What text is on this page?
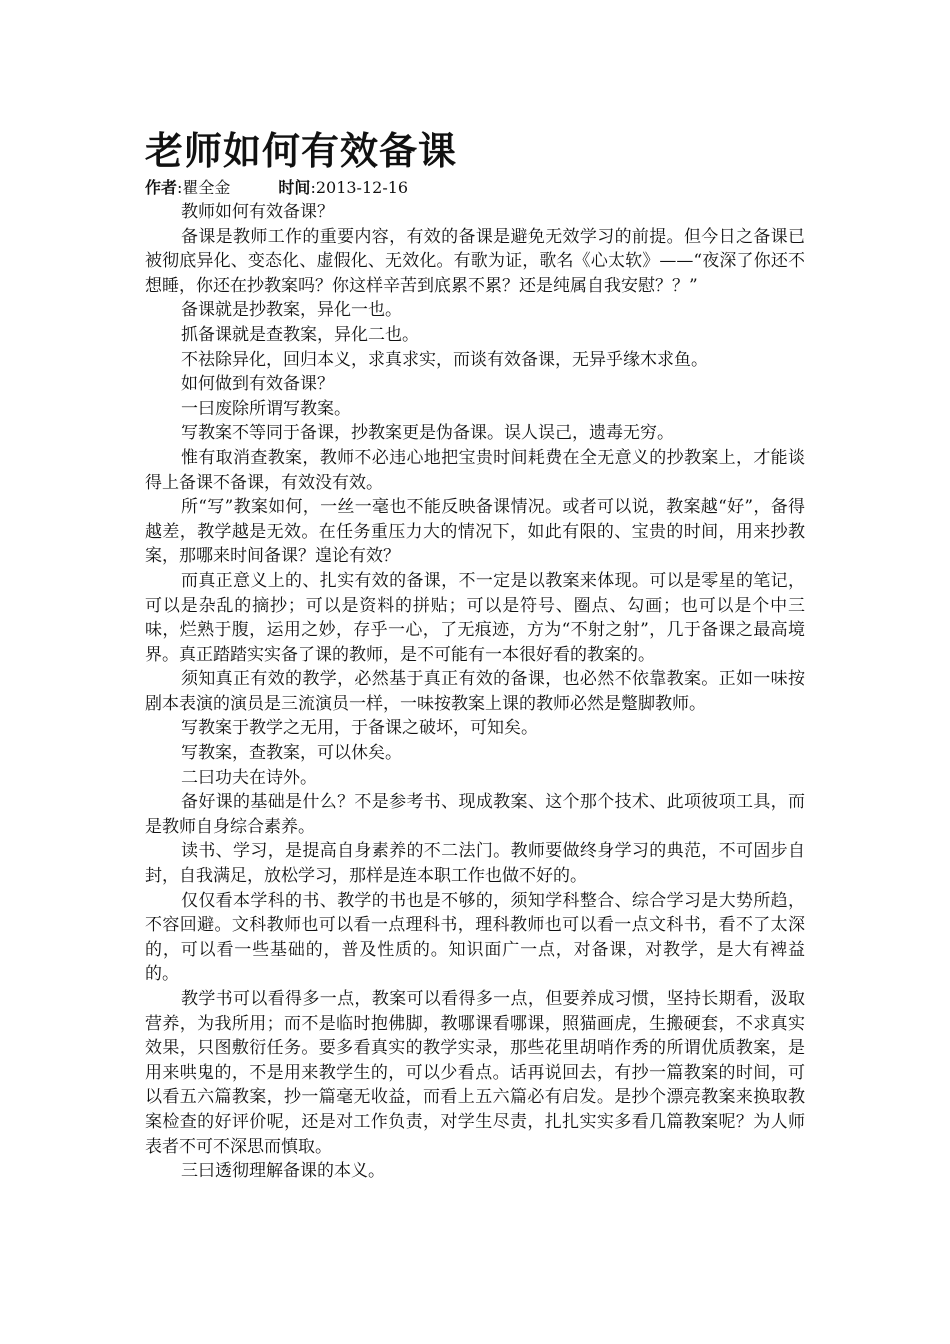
老师如何有效备课
作者:瞿全金	时间:2013-12-16

教师如何有效备课？

备课是教师工作的重要内容，有效的备课是避免无效学习的前提。但今日之备课已被彻底异化、变态化、虚假化、无效化。有歌为证，歌名《心太软》——“夜深了你还不想睡，你还在抄教案吗？你这样辛苦到底累不累？还是纯属自我安慰？？”

备课就是抄教案，异化一也。

抓备课就是查教案，异化二也。

不祛除异化，回归本义，求真求实，而谈有效备课，无异乎缘木求鱼。

如何做到有效备课？

一曰废除所谓写教案。

写教案不等同于备课，抄教案更是伪备课。误人误己，遗毒无穷。

惟有取消查教案，教师不必违心地把宝贵时间耗费在全无意义的抄教案上，才能谈得上备课不备课，有效没有效。

所“写”教案如何，一丝一毫也不能反映备课情况。或者可以说，教案越“好”，备得越差，教学越是无效。在任务重压力大的情况下，如此有限的、宝贵的时间，用来抄教案，那哪来时间备课？遑论有效？

而真正意义上的、扎实有效的备课，不一定是以教案来体现。可以是零星的笔记，可以是杂乱的摘抄；可以是资料的拼贴；可以是符号、圈点、勾画；也可以是个中三味，烂熟于腹，运用之妙，存乎一心，了无痕迹，方为“不射之射”，几于备课之最高境界。真正踏踏实实备了课的教师，是不可能有一本很好看的教案的。

须知真正有效的教学，必然基于真正有效的备课，也必然不依靠教案。正如一味按剧本表演的演员是三流演员一样，一味按教案上课的教师必然是蹩脚教师。

写教案于教学之无用，于备课之破坏，可知矣。

写教案，查教案，可以休矣。

二曰功夫在诗外。

备好课的基础是什么？不是参考书、现成教案、这个那个技术、此项彼项工具，而是教师自身综合素养。

读书、学习，是提高自身素养的不二法门。教师要做终身学习的典范，不可固步自封，自我满足，放松学习，那样是连本职工作也做不好的。

仅仅看本学科的书、教学的书也是不够的，须知学科整合、综合学习是大势所趋，不容回避。文科教师也可以看一点理科书，理科教师也可以看一点文科书，看不了太深的，可以看一些基础的，普及性质的。知识面广一点，对备课，对教学，是大有裨益的。

教学书可以看得多一点，教案可以看得多一点，但要养成习惯，坚持长期看，汲取营养，为我所用；而不是临时抱佛脚，教哪课看哪课，照猫画虎，生搬硬套，不求真实效果，只图敷衍任务。要多看真实的教学实录，那些花里胡哨作秀的所谓优质教案，是用来哄鬼的，不是用来教学生的，可以少看点。话再说回去，有抄一篇教案的时间，可以看五六篇教案，抄一篇毫无收益，而看上五六篇必有启发。是抄个漂亮教案来换取教案检查的好评价呢，还是对工作负责，对学生尽责，扎扎实实多看几篇教案呢？为人师表者不可不深思而慎取。

三曰透彻理解备课的本义。
